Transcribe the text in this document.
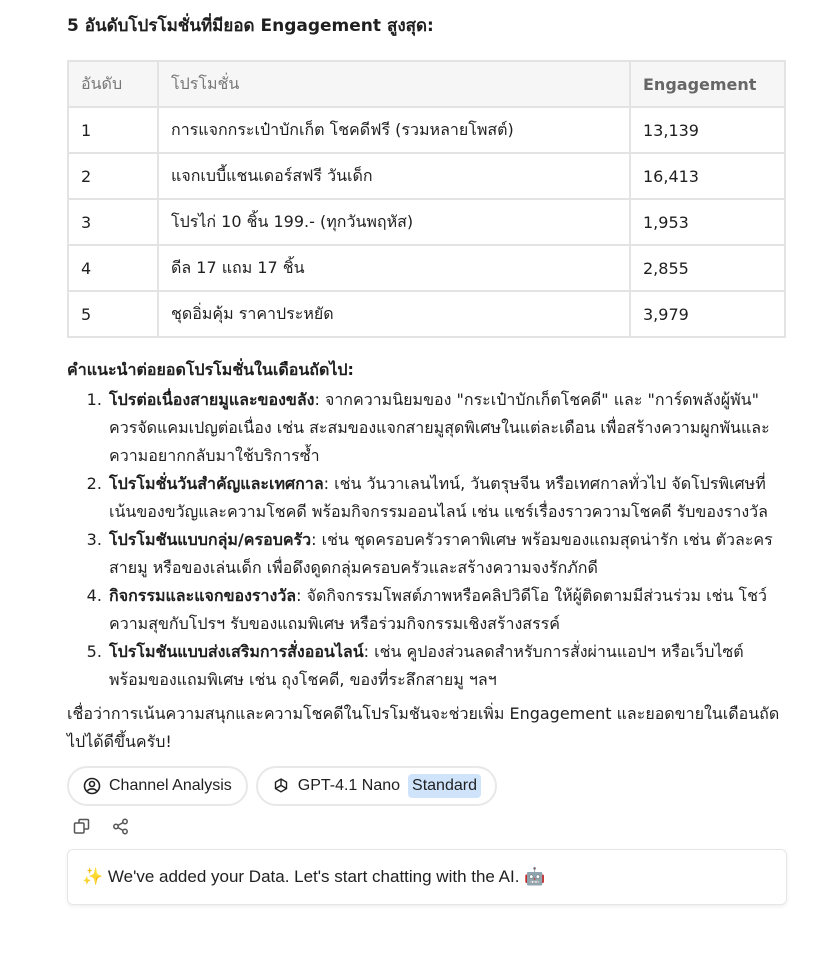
5 อันดับโปรโมชั่นที่มียอด Engagement สูงสุด:
อันดับ	โปรโมชั่น	Engagement
1	การแจกกระเป๋าบักเก็ต โชคดีฟรี (รวมหลายโพสต์)	13,139
2	แจกเบบี้แชนเดอร์สฟรี วันเด็ก	16,413
3	โปรไก่ 10 ชิ้น 199.- (ทุกวันพฤหัส)	1,953
4	ดีล 17 แถม 17 ชิ้น	2,855
5	ชุดอิ่มคุ้ม ราคาประหยัด	3,979
คำแนะนำต่อยอดโปรโมชั่นในเดือนถัดไป:
1. โปรต่อเนื่องสายมูและของขลัง: จากความนิยมของ "กระเป๋าบักเก็ตโชคดี" และ "การ์ดพลังผู้พัน" ควรจัดแคมเปญต่อเนื่อง เช่น สะสมของแจกสายมูสุดพิเศษในแต่ละเดือน เพื่อสร้างความผูกพันและความอยากกลับมาใช้บริการซ้ำ
2. โปรโมชั่นวันสำคัญและเทศกาล: เช่น วันวาเลนไทน์, วันตรุษจีน หรือเทศกาลทั่วไป จัดโปรพิเศษที่เน้นของขวัญและความโชคดี พร้อมกิจกรรมออนไลน์ เช่น แชร์เรื่องราวความโชคดี รับของรางวัล
3. โปรโมชันแบบกลุ่ม/ครอบครัว: เช่น ชุดครอบครัวราคาพิเศษ พร้อมของแถมสุดน่ารัก เช่น ตัวละครสายมู หรือของเล่นเด็ก เพื่อดึงดูดกลุ่มครอบครัวและสร้างความจงรักภักดี
4. กิจกรรมและแจกของรางวัล: จัดกิจกรรมโพสต์ภาพหรือคลิปวิดีโอ ให้ผู้ติดตามมีส่วนร่วม เช่น โชว์ความสุขกับโปรฯ รับของแถมพิเศษ หรือร่วมกิจกรรมเชิงสร้างสรรค์
5. โปรโมชันแบบส่งเสริมการสั่งออนไลน์: เช่น คูปองส่วนลดสำหรับการสั่งผ่านแอปฯ หรือเว็บไซต์ พร้อมของแถมพิเศษ เช่น ถุงโชคดี, ของที่ระลึกสายมู ฯลฯ
เชื่อว่าการเน้นความสนุกและความโชคดีในโปรโมชันจะช่วยเพิ่ม Engagement และยอดขายในเดือนถัดไปได้ดีขึ้นครับ!
Channel Analysis	GPT-4.1 Nano Standard
✨ We've added your Data. Let's start chatting with the AI. 🤖
